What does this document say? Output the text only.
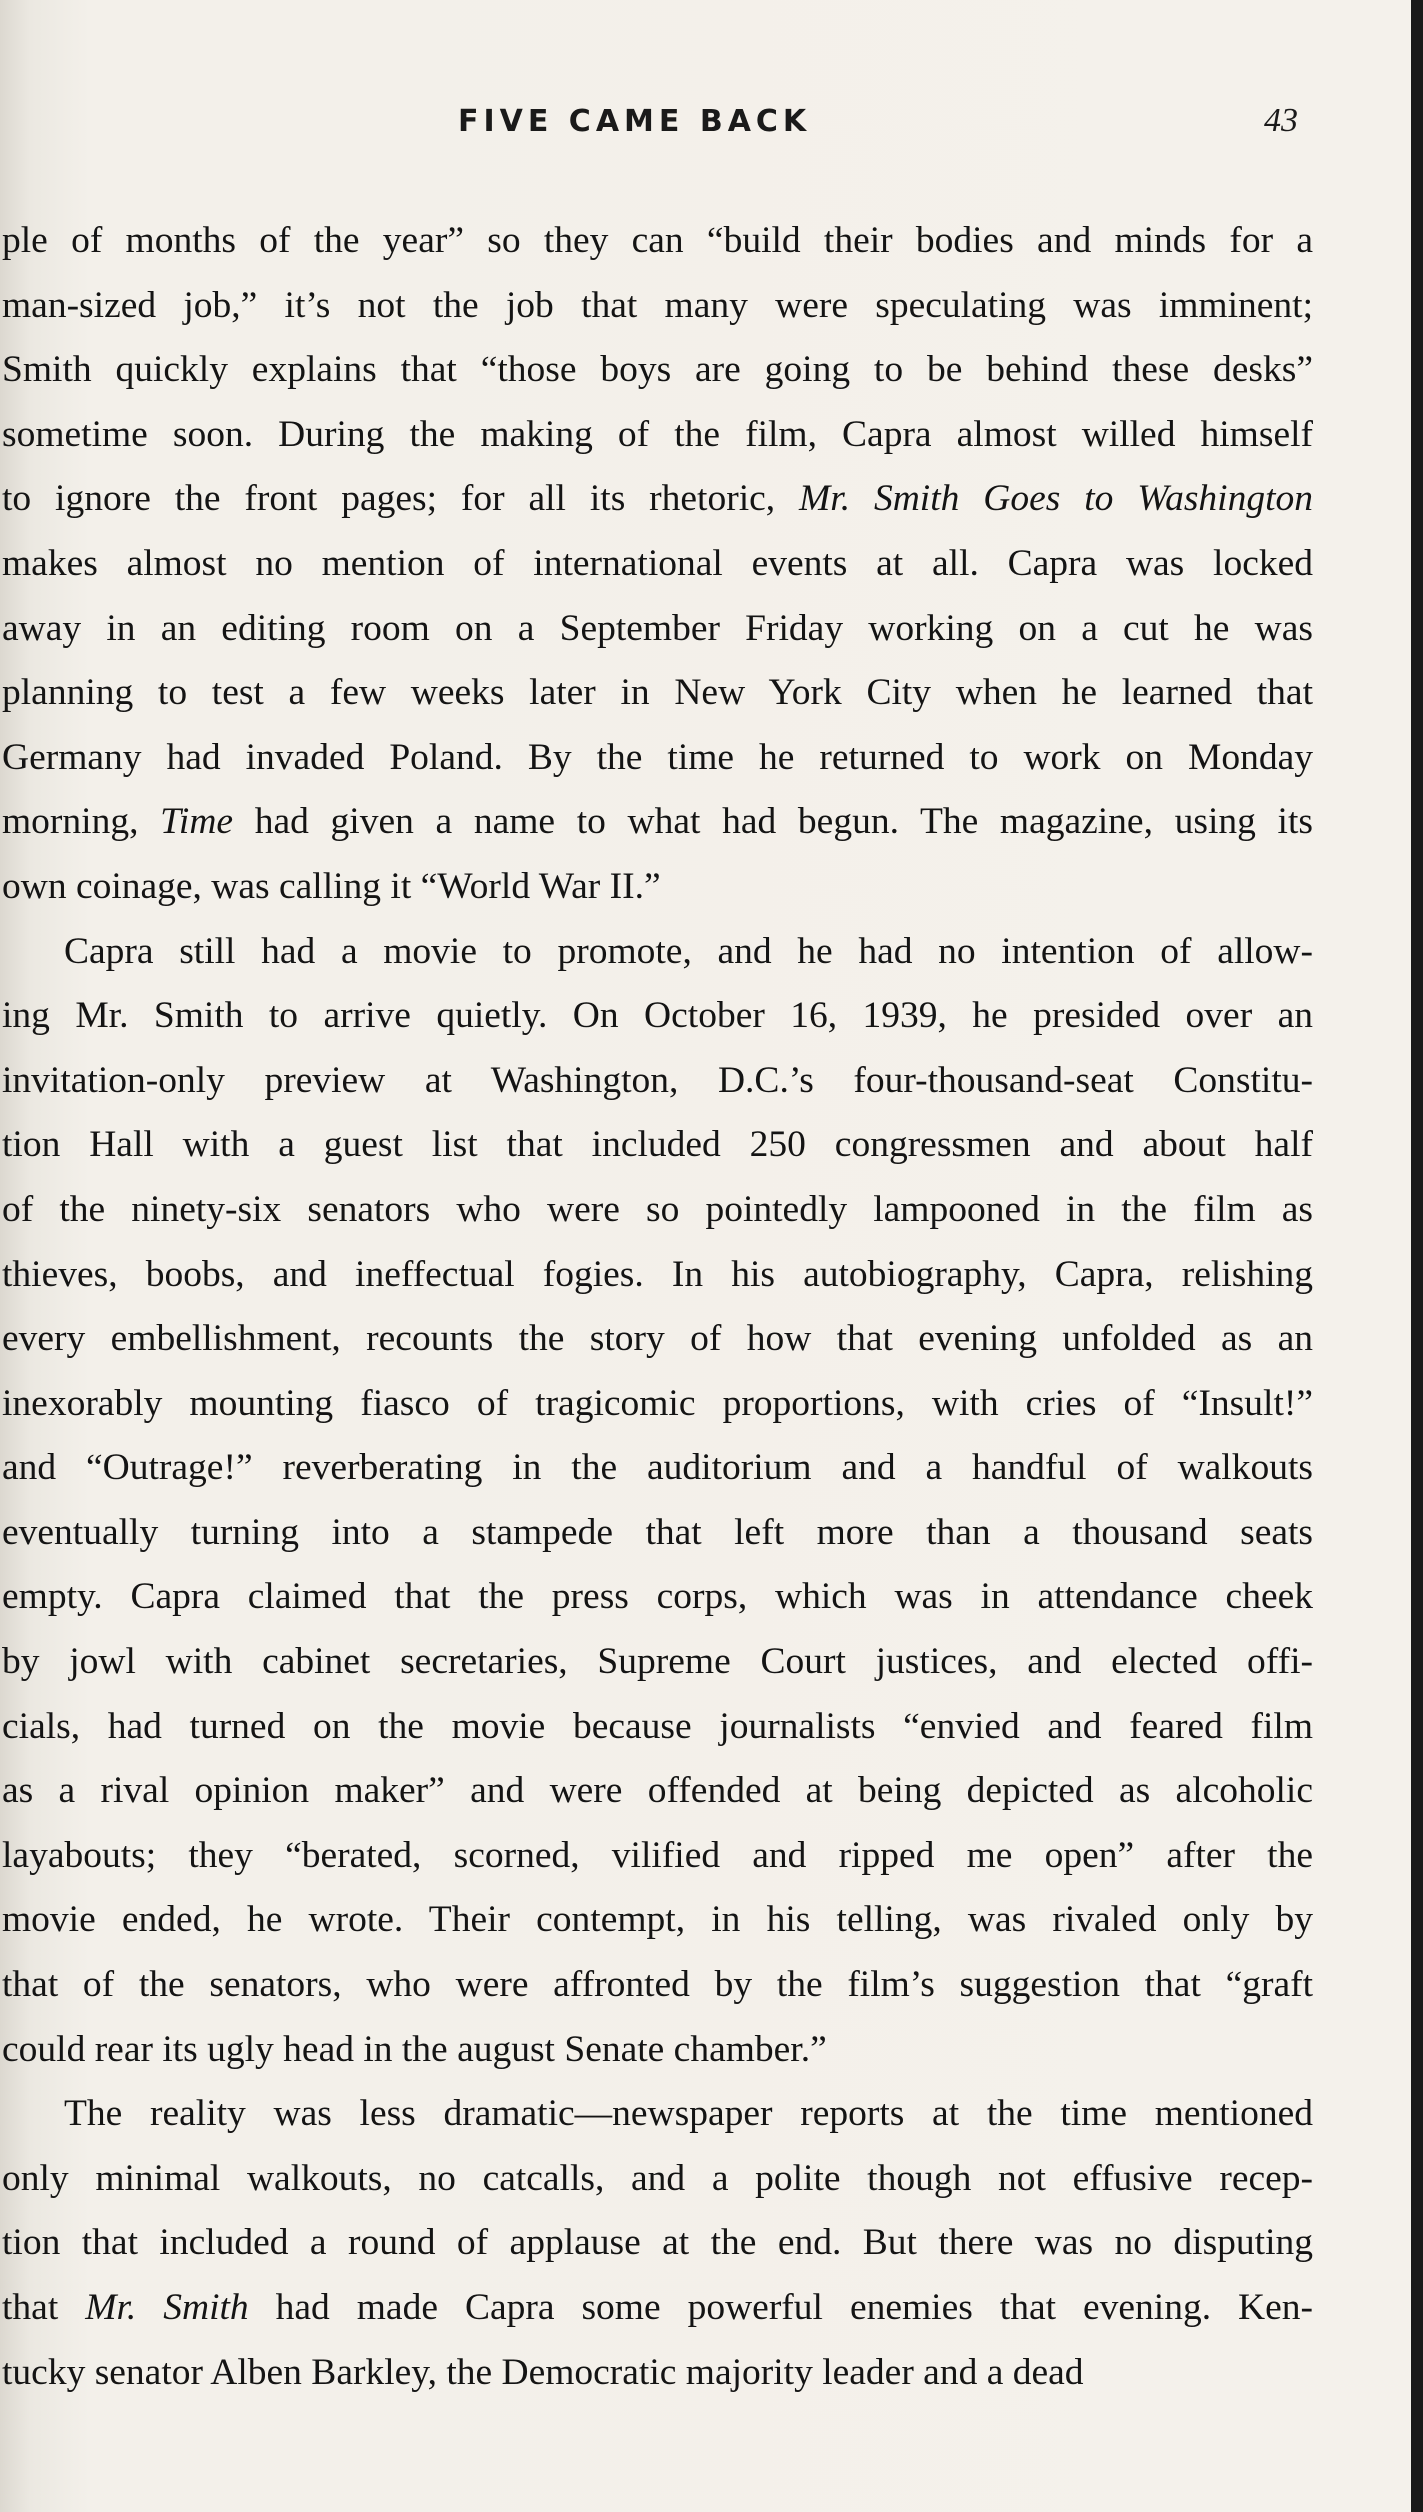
FIVE CAME BACK	43

ple of months of the year” so they can “build their bodies and minds for a
man-sized job,” it’s not the job that many were speculating was imminent;
Smith quickly explains that “those boys are going to be behind these desks”
sometime soon. During the making of the film, Capra almost willed himself
to ignore the front pages; for all its rhetoric, Mr. Smith Goes to Washington
makes almost no mention of international events at all. Capra was locked
away in an editing room on a September Friday working on a cut he was
planning to test a few weeks later in New York City when he learned that
Germany had invaded Poland. By the time he returned to work on Monday
morning, Time had given a name to what had begun. The magazine, using its
own coinage, was calling it “World War II.”

Capra still had a movie to promote, and he had no intention of allow-
ing Mr. Smith to arrive quietly. On October 16, 1939, he presided over an
invitation-only preview at Washington, D.C.’s four-thousand-seat Constitu-
tion Hall with a guest list that included 250 congressmen and about half
of the ninety-six senators who were so pointedly lampooned in the film as
thieves, boobs, and ineffectual fogies. In his autobiography, Capra, relishing
every embellishment, recounts the story of how that evening unfolded as an
inexorably mounting fiasco of tragicomic proportions, with cries of “Insult!”
and “Outrage!” reverberating in the auditorium and a handful of walkouts
eventually turning into a stampede that left more than a thousand seats
empty. Capra claimed that the press corps, which was in attendance cheek
by jowl with cabinet secretaries, Supreme Court justices, and elected offi-
cials, had turned on the movie because journalists “envied and feared film
as a rival opinion maker” and were offended at being depicted as alcoholic
layabouts; they “berated, scorned, vilified and ripped me open” after the
movie ended, he wrote. Their contempt, in his telling, was rivaled only by
that of the senators, who were affronted by the film’s suggestion that “graft
could rear its ugly head in the august Senate chamber.”

The reality was less dramatic—newspaper reports at the time mentioned
only minimal walkouts, no catcalls, and a polite though not effusive recep-
tion that included a round of applause at the end. But there was no disputing
that Mr. Smith had made Capra some powerful enemies that evening. Ken-
tucky senator Alben Barkley, the Democratic majority leader and a dead
